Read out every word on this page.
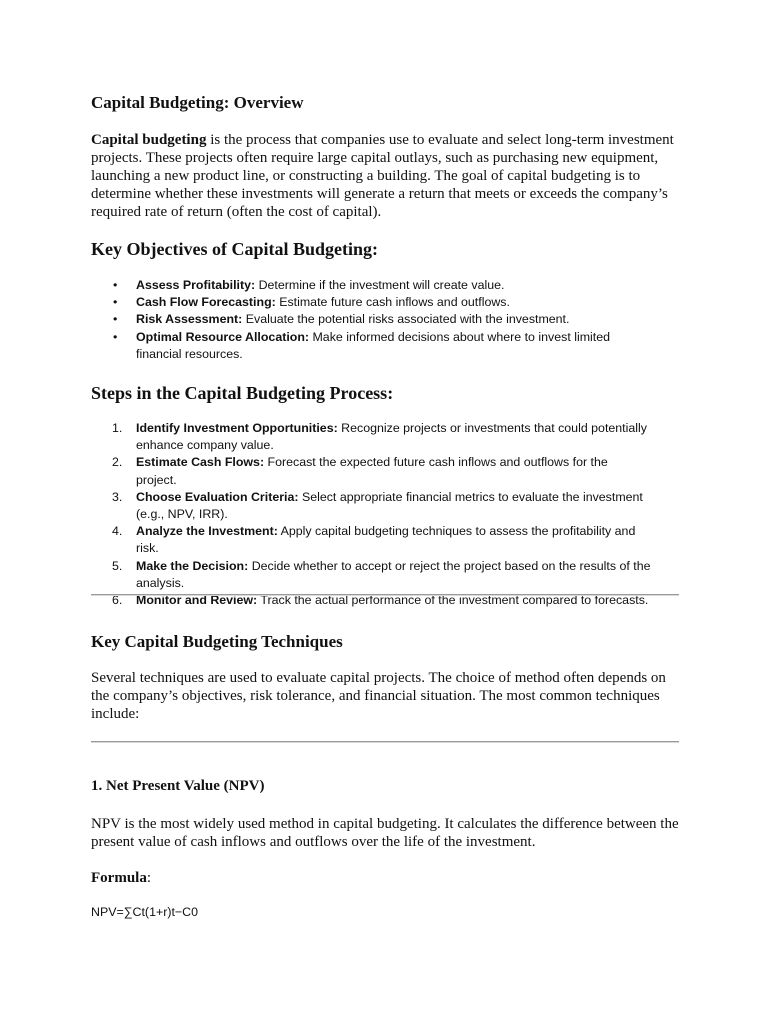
Capital Budgeting: Overview

Capital budgeting is the process that companies use to evaluate and select long-term investment projects. These projects often require large capital outlays, such as purchasing new equipment, launching a new product line, or constructing a building. The goal of capital budgeting is to determine whether these investments will generate a return that meets or exceeds the company’s required rate of return (often the cost of capital).

Key Objectives of Capital Budgeting:
• Assess Profitability: Determine if the investment will create value.
• Cash Flow Forecasting: Estimate future cash inflows and outflows.
• Risk Assessment: Evaluate the potential risks associated with the investment.
• Optimal Resource Allocation: Make informed decisions about where to invest limited financial resources.
Steps in the Capital Budgeting Process:
1. Identify Investment Opportunities: Recognize projects or investments that could potentially enhance company value.
2. Estimate Cash Flows: Forecast the expected future cash inflows and outflows for the project.
3. Choose Evaluation Criteria: Select appropriate financial metrics to evaluate the investment (e.g., NPV, IRR).
4. Analyze the Investment: Apply capital budgeting techniques to assess the profitability and risk.
5. Make the Decision: Decide whether to accept or reject the project based on the results of the analysis.
6. Monitor and Review: Track the actual performance of the investment compared to forecasts.
Key Capital Budgeting Techniques

Several techniques are used to evaluate capital projects. The choice of method often depends on the company’s objectives, risk tolerance, and financial situation. The most common techniques include:

1. Net Present Value (NPV)

NPV is the most widely used method in capital budgeting. It calculates the difference between the present value of cash inflows and outflows over the life of the investment.

Formula:

NPV=∑Ct(1+r)t−C0
